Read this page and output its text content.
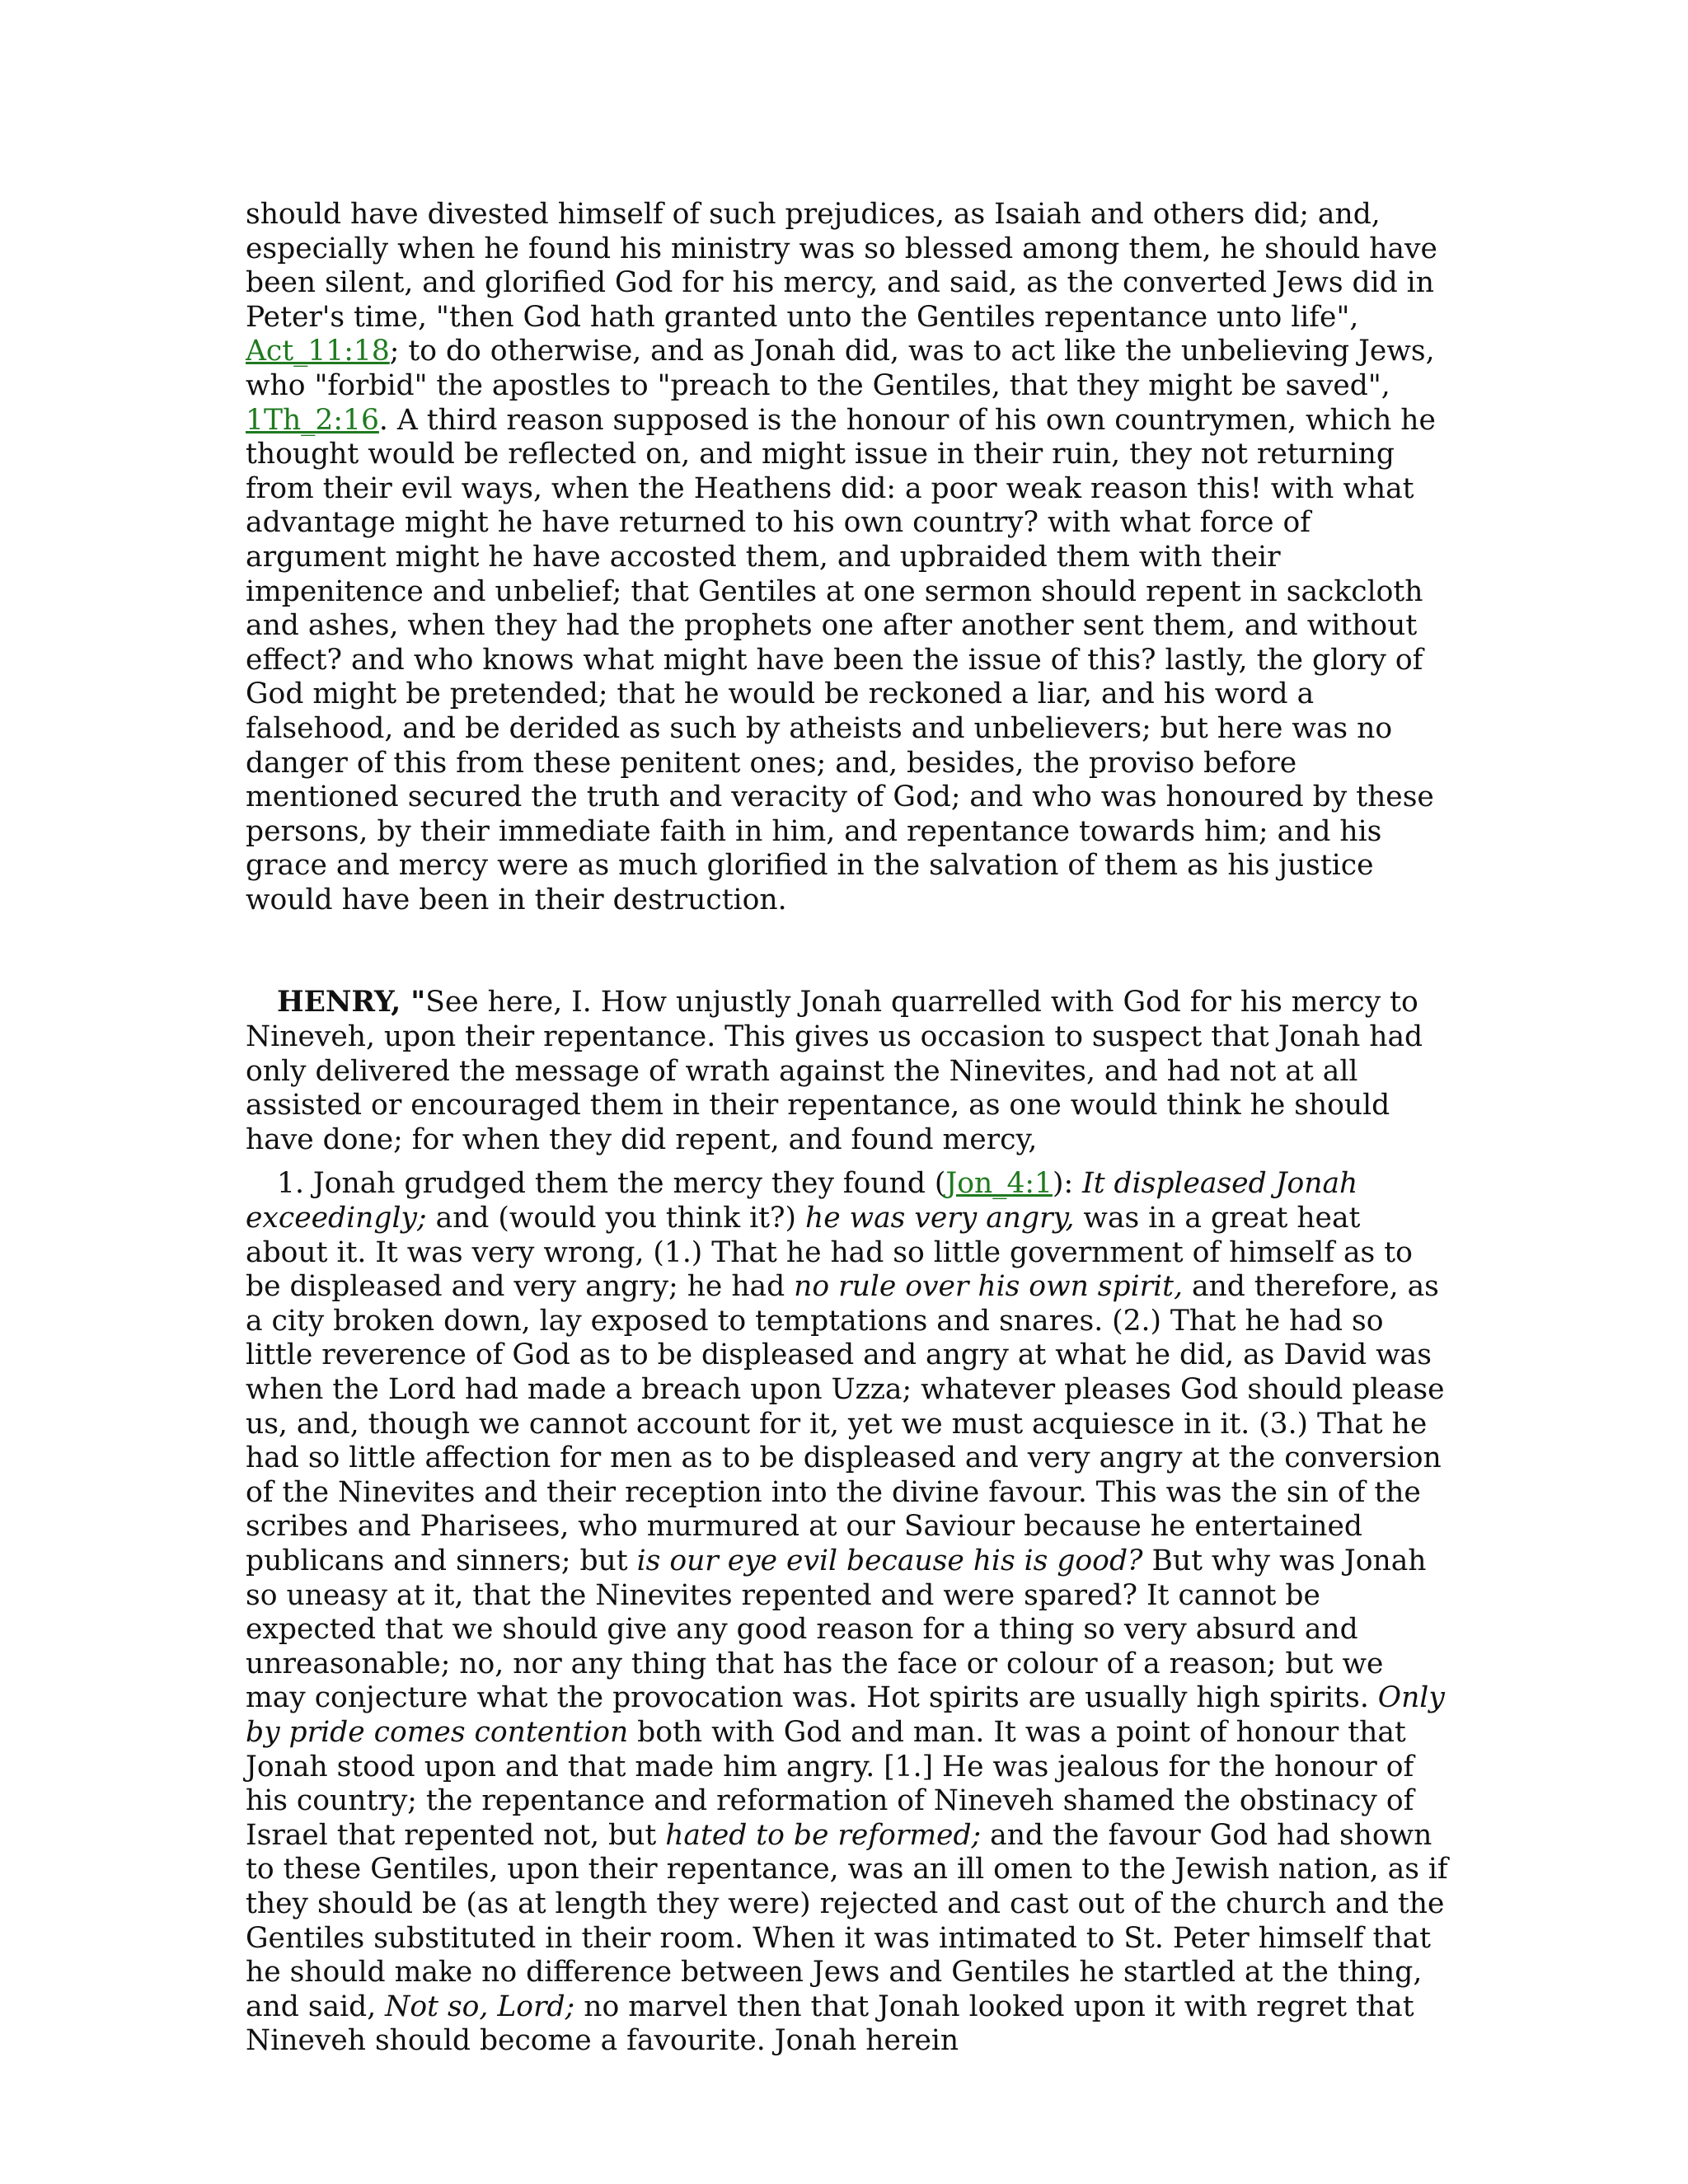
should have divested himself of such prejudices, as Isaiah and others did; and, especially when he found his ministry was so blessed among them, he should have been silent, and glorified God for his mercy, and said, as the converted Jews did in Peter's time, "then God hath granted unto the Gentiles repentance unto life", Act_11:18; to do otherwise, and as Jonah did, was to act like the unbelieving Jews, who "forbid" the apostles to "preach to the Gentiles, that they might be saved", 1Th_2:16. A third reason supposed is the honour of his own countrymen, which he thought would be reflected on, and might issue in their ruin, they not returning from their evil ways, when the Heathens did: a poor weak reason this! with what advantage might he have returned to his own country? with what force of argument might he have accosted them, and upbraided them with their impenitence and unbelief; that Gentiles at one sermon should repent in sackcloth and ashes, when they had the prophets one after another sent them, and without effect? and who knows what might have been the issue of this? lastly, the glory of God might be pretended; that he would be reckoned a liar, and his word a falsehood, and be derided as such by atheists and unbelievers; but here was no danger of this from these penitent ones; and, besides, the proviso before mentioned secured the truth and veracity of God; and who was honoured by these persons, by their immediate faith in him, and repentance towards him; and his grace and mercy were as much glorified in the salvation of them as his justice would have been in their destruction.

HENRY, "See here, I. How unjustly Jonah quarrelled with God for his mercy to Nineveh, upon their repentance. This gives us occasion to suspect that Jonah had only delivered the message of wrath against the Ninevites, and had not at all assisted or encouraged them in their repentance, as one would think he should have done; for when they did repent, and found mercy,

1. Jonah grudged them the mercy they found (Jon_4:1): It displeased Jonah exceedingly; and (would you think it?) he was very angry, was in a great heat about it. It was very wrong, (1.) That he had so little government of himself as to be displeased and very angry; he had no rule over his own spirit, and therefore, as a city broken down, lay exposed to temptations and snares. (2.) That he had so little reverence of God as to be displeased and angry at what he did, as David was when the Lord had made a breach upon Uzza; whatever pleases God should please us, and, though we cannot account for it, yet we must acquiesce in it. (3.) That he had so little affection for men as to be displeased and very angry at the conversion of the Ninevites and their reception into the divine favour. This was the sin of the scribes and Pharisees, who murmured at our Saviour because he entertained publicans and sinners; but is our eye evil because his is good? But why was Jonah so uneasy at it, that the Ninevites repented and were spared? It cannot be expected that we should give any good reason for a thing so very absurd and unreasonable; no, nor any thing that has the face or colour of a reason; but we may conjecture what the provocation was. Hot spirits are usually high spirits. Only by pride comes contention both with God and man. It was a point of honour that Jonah stood upon and that made him angry. [1.] He was jealous for the honour of his country; the repentance and reformation of Nineveh shamed the obstinacy of Israel that repented not, but hated to be reformed; and the favour God had shown to these Gentiles, upon their repentance, was an ill omen to the Jewish nation, as if they should be (as at length they were) rejected and cast out of the church and the Gentiles substituted in their room. When it was intimated to St. Peter himself that he should make no difference between Jews and Gentiles he startled at the thing, and said, Not so, Lord; no marvel then that Jonah looked upon it with regret that Nineveh should become a favourite. Jonah herein
